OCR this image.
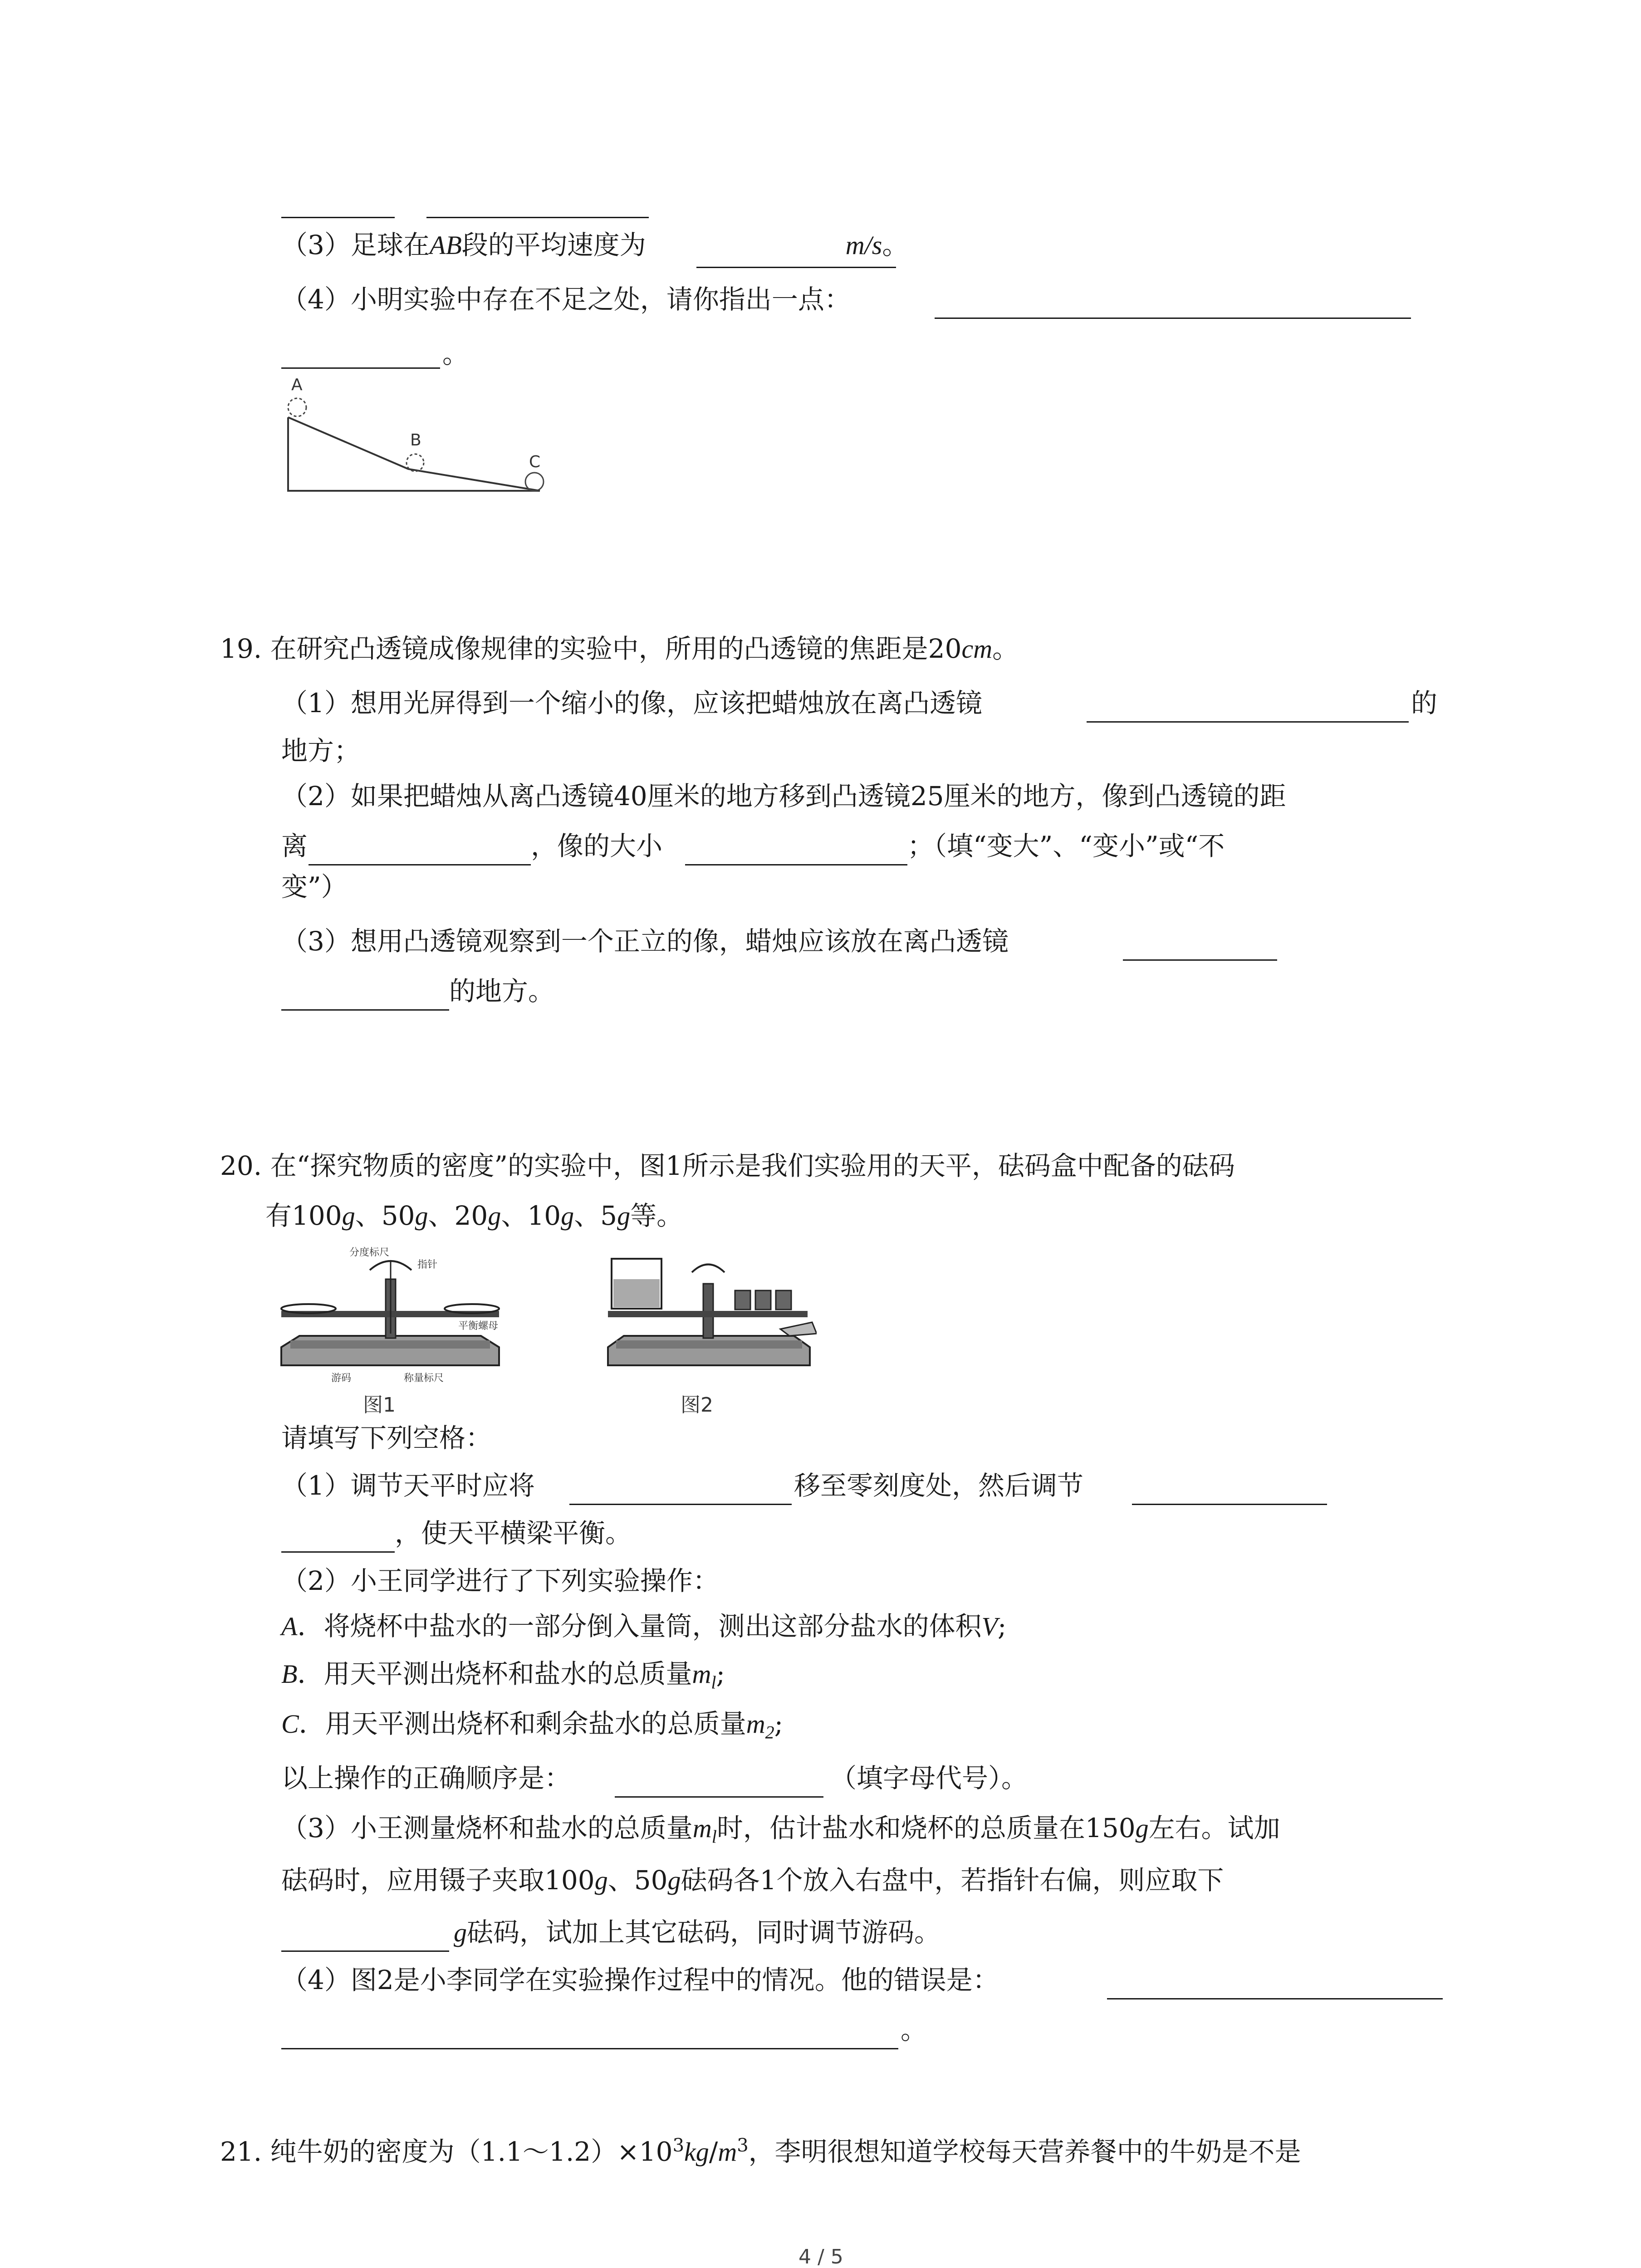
（3）足球在AB段的平均速度为	m/s。
（4）小明实验中存在不足之处，请你指出一点：
。
A
B
C
19. 在研究凸透镜成像规律的实验中，所用的凸透镜的焦距是20cm。
（1）想用光屏得到一个缩小的像，应该把蜡烛放在离凸透镜	的
地方；
（2）如果把蜡烛从离凸透镜40厘米的地方移到凸透镜25厘米的地方，像到凸透镜的距
离	，像的大小	；（填“变大”、“变小”或“不
变”）
（3）想用凸透镜观察到一个正立的像，蜡烛应该放在离凸透镜
的地方。
20. 在“探究物质的密度”的实验中，图1所示是我们实验用的天平，砝码盒中配备的砝码
有100g、50g、20g、10g、5g等。
分度标尺
指针
平衡螺母
游码	称量标尺
图1	图2
请填写下列空格：
（1）调节天平时应将	移至零刻度处，然后调节
，使天平横梁平衡。
（2）小王同学进行了下列实验操作：
A．将烧杯中盐水的一部分倒入量筒，测出这部分盐水的体积V;
B．用天平测出烧杯和盐水的总质量$m_l$;
C．用天平测出烧杯和剩余盐水的总质量$m_2$;
以上操作的正确顺序是：	（填字母代号）。
（3）小王测量烧杯和盐水的总质量$m_l$时，估计盐水和烧杯的总质量在150g左右。试加
砝码时，应用镊子夹取100g、50g砝码各1个放入右盘中，若指针右偏，则应取下
g砝码，试加上其它砝码，同时调节游码。
（4）图2是小李同学在实验操作过程中的情况。他的错误是：
。
21. 纯牛奶的密度为$(1.1\sim 1.2)\times 10^3kg/m^3$，李明很想知道学校每天营养餐中的牛奶是不是
4 / 5
